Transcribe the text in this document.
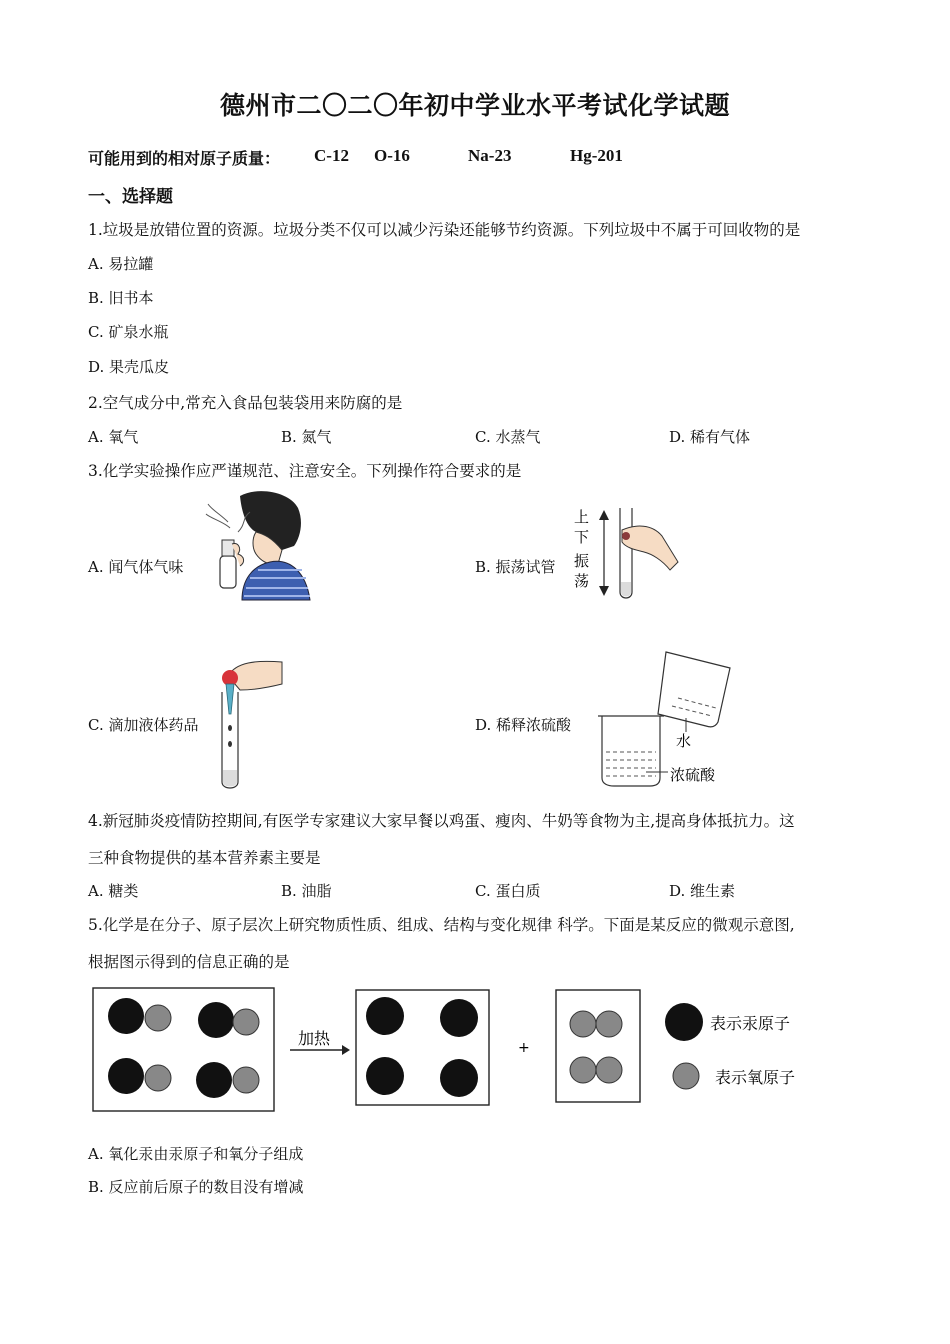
德州市二〇二〇年初中学业水平考试化学试题
可能用到的相对原子质量： C-12 O-16	Na-23	Hg-201
一、选择题
1.垃圾是放错位置的资源。垃圾分类不仅可以减少污染还能够节约资源。下列垃圾中不属于可回收物的是
A. 易拉罐
B. 旧书本
C. 矿泉水瓶
D. 果壳瓜皮
2.空气成分中,常充入食品包装袋用来防腐的是
A. 氧气	B. 氮气	C. 水蒸气	D. 稀有气体
3.化学实验操作应严谨规范、注意安全。下列操作符合要求的是
A. 闻气体气味	B. 振荡试管
C. 滴加液体药品	D. 稀释浓硫酸
上
下
振
荡
水
浓硫酸
4.新冠肺炎疫情防控期间,有医学专家建议大家早餐以鸡蛋、瘦肉、牛奶等食物为主,提高身体抵抗力。这
三种食物提供的基本营养素主要是
A. 糖类	B. 油脂	C. 蛋白质	D. 维生素
5.化学是在分子、原子层次上研究物质性质、组成、结构与变化规律 科学。下面是某反应的微观示意图,
根据图示得到的信息正确的是
加热	+
表示汞原子
表示氧原子
A. 氧化汞由汞原子和氧分子组成
B. 反应前后原子的数目没有增减
